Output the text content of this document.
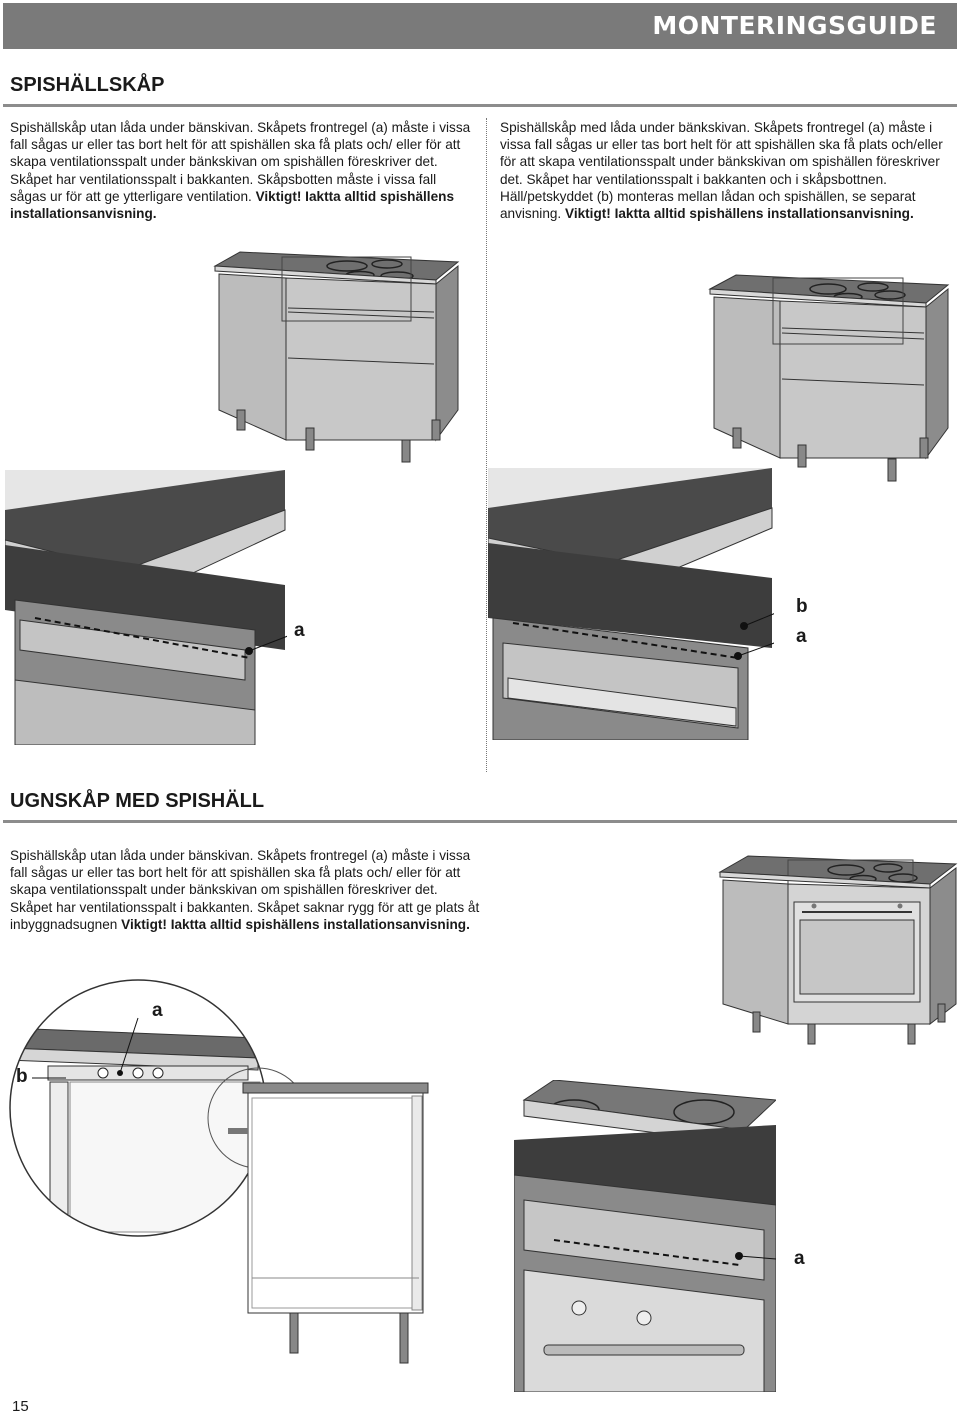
MONTERINGSGUIDE
SPISHÄLLSKÅP

Spishällskåp utan låda under bänskivan. Skåpets frontregel (a) måste i vissa fall sågas ur eller tas bort helt för att spishällen ska få plats och/ eller för att skapa ventilationsspalt under bänkskivan om spishällen föreskriver det. Skåpet har ventilationsspalt i bakkanten. Skåpsbotten måste i vissa fall sågas ur för att ge ytterligare ventilation. Viktigt! Iaktta alltid spishällens installationsanvisning.

Spishällskåp med låda under bänkskivan. Skåpets frontregel (a) måste i vissa fall sågas ur eller tas bort helt för att spishällen ska få plats och/eller för att skapa ventilationsspalt under bänkskivan om spishällen föreskriver det. Skåpet har ventilationsspalt i bakkanten och i skåpsbottnen. Häll/petskyddet (b) monteras mellan lådan och spishällen, se separat anvisning. Viktigt! Iaktta alltid spishällens installationsanvisning.

a
b
a
UGNSKÅP MED SPISHÄLL

Spishällskåp utan låda under bänskivan. Skåpets frontregel (a) måste i vissa fall sågas ur eller tas bort helt för att spishällen ska få plats och/ eller för att skapa ventilationsspalt under bänkskivan om spishällen föreskriver det. Skåpet har ventilationsspalt i bakkanten. Skåpet saknar rygg för att ge plats åt inbyggnadsugnen Viktigt! Iaktta alltid spishällens installationsanvisning.

a
b
a
15
